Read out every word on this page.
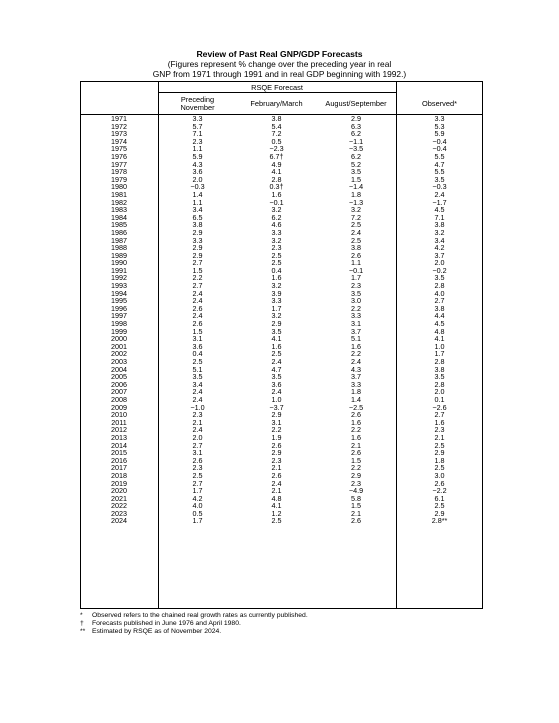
Review of Past Real GNP/GDP Forecasts
(Figures represent % change over the preceding year in real
GNP from 1971 through 1991 and in real GDP beginning with 1992.)
RSQE Forecast
Preceding
November	February/March	August/September	Observed*
1971	3.3	3.8	2.9	3.3
1972	5.7	5.4	6.3	5.3
1973	7.1	7.2	6.2	5.9
1974	2.3	0.5	−1.1	−0.4
1975	1.1	−2.3	−3.5	−0.4
1976	5.9	6.7†	6.2	5.5
1977	4.3	4.9	5.2	4.7
1978	3.6	4.1	3.5	5.5
1979	2.0	2.8	1.5	3.5
1980	−0.3	0.3†	−1.4	−0.3
1981	1.4	1.6	1.8	2.4
1982	1.1	−0.1	−1.3	−1.7
1983	3.4	3.2	3.2	4.5
1984	6.5	6.2	7.2	7.1
1985	3.8	4.6	2.5	3.8
1986	2.9	3.3	2.4	3.2
1987	3.3	3.2	2.5	3.4
1988	2.9	2.3	3.8	4.2
1989	2.9	2.5	2.6	3.7
1990	2.7	2.5	1.1	2.0
1991	1.5	0.4	−0.1	−0.2
1992	2.2	1.6	1.7	3.5
1993	2.7	3.2	2.3	2.8
1994	2.4	3.9	3.5	4.0
1995	2.4	3.3	3.0	2.7
1996	2.6	1.7	2.2	3.8
1997	2.4	3.2	3.3	4.4
1998	2.6	2.9	3.1	4.5
1999	1.5	3.5	3.7	4.8
2000	3.1	4.1	5.1	4.1
2001	3.6	1.6	1.6	1.0
2002	0.4	2.5	2.2	1.7
2003	2.5	2.4	2.4	2.8
2004	5.1	4.7	4.3	3.8
2005	3.5	3.5	3.7	3.5
2006	3.4	3.6	3.3	2.8
2007	2.4	2.4	1.8	2.0
2008	2.4	1.0	1.4	0.1
2009	−1.0	−3.7	−2.5	−2.6
2010	2.3	2.9	2.6	2.7
2011	2.1	3.1	1.6	1.6
2012	2.4	2.2	2.2	2.3
2013	2.0	1.9	1.6	2.1
2014	2.7	2.6	2.1	2.5
2015	3.1	2.9	2.6	2.9
2016	2.6	2.3	1.5	1.8
2017	2.3	2.1	2.2	2.5
2018	2.5	2.6	2.9	3.0
2019	2.7	2.4	2.3	2.6
2020	1.7	2.1	−4.9	−2.2
2021	4.2	4.8	5.8	6.1
2022	4.0	4.1	1.5	2.5
2023	0.5	1.2	2.1	2.9
2024	1.7	2.5	2.6	2.8**
* Observed refers to the chained real growth rates as currently published.
† Forecasts published in June 1976 and April 1980.
** Estimated by RSQE as of November 2024.
